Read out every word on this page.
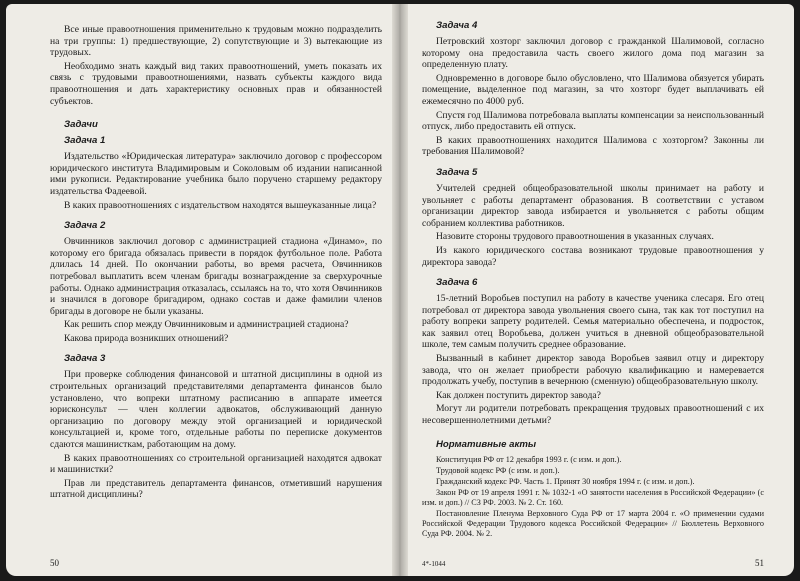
Все иные правоотношения применительно к трудовым можно подразделить на три группы: 1) предшествующие, 2) сопутствующие и 3) вытекающие из трудовых.

Необходимо знать каждый вид таких правоотношений, уметь показать их связь с трудовыми правоотношениями, назвать субъекты каждого вида правоотношения и дать характеристику основных прав и обязанностей субъектов.

Задачи
Задача 1

Издательство «Юридическая литература» заключило договор с профессором юридического института Владимировым и Соколовым об издании написанной ими рукописи. Редактирование учебника было поручено старшему редактору издательства Фадеевой.

В каких правоотношениях с издательством находятся вышеуказанные лица?

Задача 2

Овчинников заключил договор с администрацией стадиона «Динамо», по которому его бригада обязалась привести в порядок футбольное поле. Работа длилась 14 дней. По окончании работы, во время расчета, Овчинников потребовал выплатить всем членам бригады вознаграждение за сверхурочные работы. Однако администрация отказалась, ссылаясь на то, что хотя Овчинников и значился в договоре бригадиром, однако состав и даже фамилии членов бригады в договоре не были указаны.

Как решить спор между Овчинниковым и администрацией стадиона?

Какова природа возникших отношений?

Задача 3

При проверке соблюдения финансовой и штатной дисциплины в одной из строительных организаций представителями департамента финансов было установлено, что вопреки штатному расписанию в аппарате имеется юрисконсульт — член коллегии адвокатов, обслуживающий данную организацию по договору между этой организацией и юридической консультацией и, кроме того, отдельные работы по переписке документов сдаются машинисткам, работающим на дому.

В каких правоотношениях со строительной организацией находятся адвокат и машинистки?

Прав ли представитель департамента финансов, отметивший нарушения штатной дисциплины?

50
Задача 4

Петровский хозторг заключил договор с гражданкой Шалимовой, согласно которому она предоставила часть своего жилого дома под магазин за определенную плату.

Одновременно в договоре было обусловлено, что Шалимова обязуется убирать помещение, выделенное под магазин, за что хозторг будет выплачивать ей ежемесячно по 4000 руб.

Спустя год Шалимова потребовала выплаты компенсации за неиспользованный отпуск, либо предоставить ей отпуск.

В каких правоотношениях находится Шалимова с хозторгом? Законны ли требования Шалимовой?

Задача 5

Учителей средней общеобразовательной школы принимает на работу и увольняет с работы департамент образования. В соответствии с уставом организации директор завода избирается и увольняется с работы общим собранием коллектива работников.

Назовите стороны трудового правоотношения в указанных случаях.

Из какого юридического состава возникают трудовые правоотношения у директора завода?

Задача 6

15-летний Воробьев поступил на работу в качестве ученика слесаря. Его отец потребовал от директора завода увольнения своего сына, так как тот поступил на работу вопреки запрету родителей. Семья материально обеспечена, и подросток, как заявил отец Воробьева, должен учиться в дневной общеобразовательной школе, тем самым получить среднее образование.

Вызванный в кабинет директор завода Воробьев заявил отцу и директору завода, что он желает приобрести рабочую квалификацию и намеревается продолжать учебу, поступив в вечернюю (сменную) общеобразовательную школу.

Как должен поступить директор завода?

Могут ли родители потребовать прекращения трудовых правоотношений с их несовершеннолетними детьми?

Нормативные акты

Конституция РФ от 12 декабря 1993 г. (с изм. и доп.).

Трудовой кодекс РФ (с изм. и доп.).

Гражданский кодекс РФ. Часть 1. Принят 30 ноября 1994 г. (с изм. и доп.).

Закон РФ от 19 апреля 1991 г. № 1032-1 «О занятости населения в Российской Федерации» (с изм. и доп.) // СЗ РФ. 2003. № 2. Ст. 160.

Постановление Пленума Верховного Суда РФ от 17 марта 2004 г. «О применении судами Российской Федерации Трудового кодекса Российской Федерации» // Бюллетень Верховного Суда РФ. 2004. № 2.

4*-1044	51
